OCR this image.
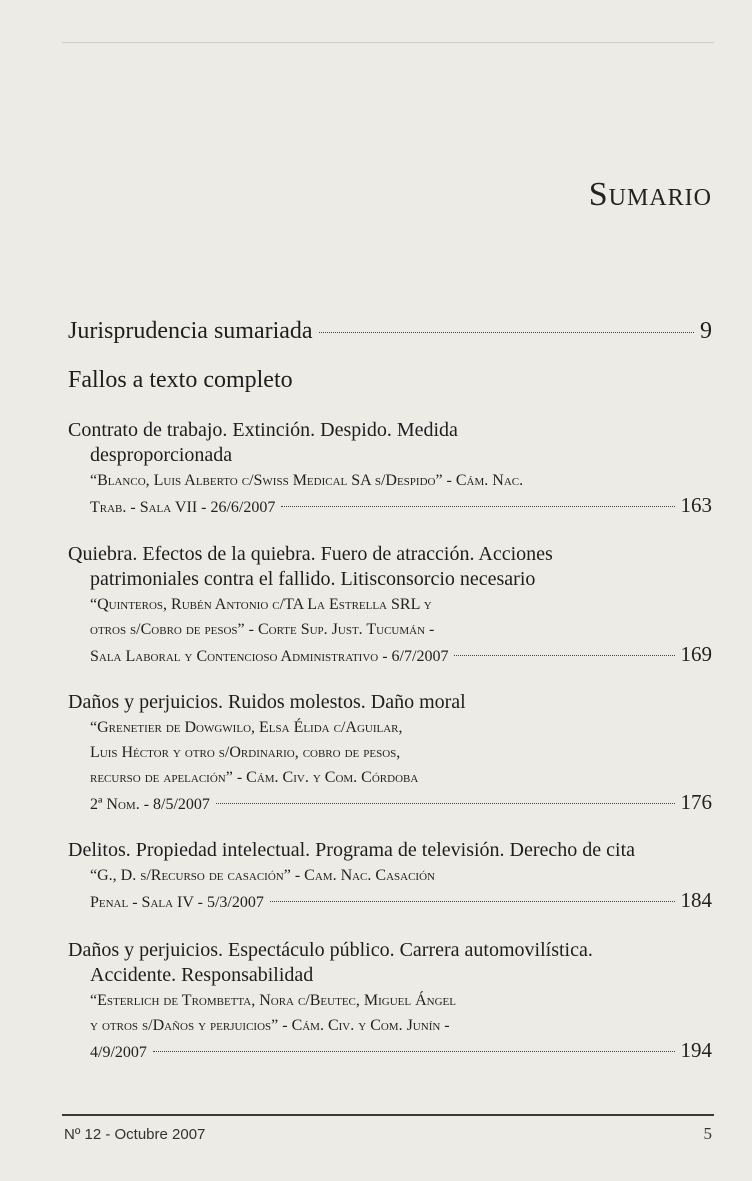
Sumario
Jurisprudencia sumariada	9
Fallos a texto completo
Contrato de trabajo. Extinción. Despido. Medida
desproporcionada
“Blanco, Luis Alberto c/Swiss Medical SA s/Despido” - Cám. Nac.
Trab. - Sala VII - 26/6/2007	163
Quiebra. Efectos de la quiebra. Fuero de atracción. Acciones
patrimoniales contra el fallido. Litisconsorcio necesario
“Quinteros, Rubén Antonio c/TA La Estrella SRL y
otros s/Cobro de pesos” - Corte Sup. Just. Tucumán -
Sala Laboral y Contencioso Administrativo - 6/7/2007	169
Daños y perjuicios. Ruidos molestos. Daño moral
“Grenetier de Dowgwilo, Elsa Élida c/Aguilar,
Luis Héctor y otro s/Ordinario, cobro de pesos,
recurso de apelación” - Cám. Civ. y Com. Córdoba
2ª Nom. - 8/5/2007	176
Delitos. Propiedad intelectual. Programa de televisión. Derecho de cita
“G., D. s/Recurso de casación” - Cam. Nac. Casación
Penal - Sala IV - 5/3/2007	184
Daños y perjuicios. Espectáculo público. Carrera automovilística.
Accidente. Responsabilidad
“Esterlich de Trombetta, Nora c/Beutec, Miguel Ángel
y otros s/Daños y perjuicios” - Cám. Civ. y Com. Junín -
4/9/2007	194
Nº 12 - Octubre 2007	5
